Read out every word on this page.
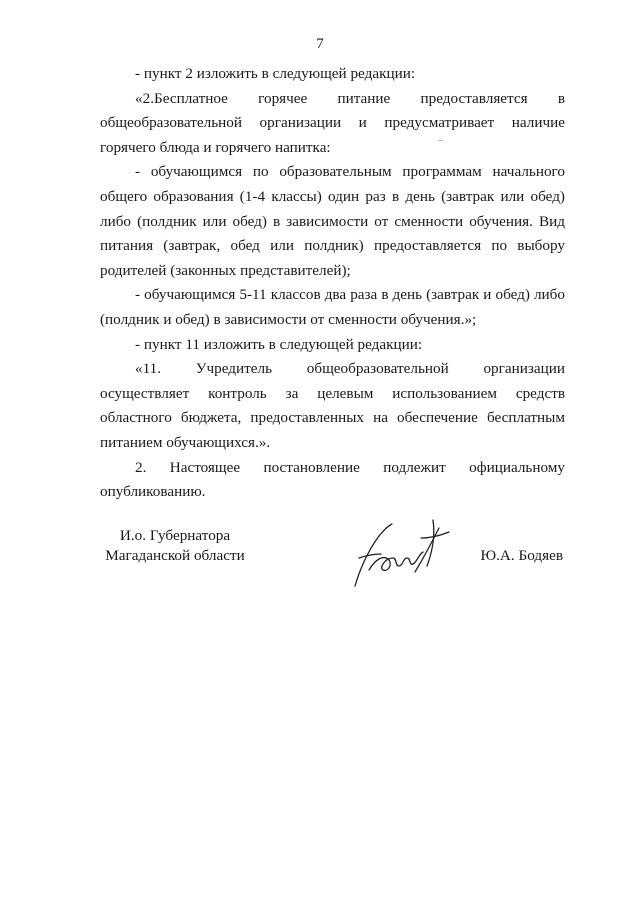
7

- пункт 2 изложить в следующей редакции:

«2.Бесплатное горячее питание предоставляется в общеобразовательной организации и предусматривает наличие горячего блюда и горячего напитка:

- обучающимся по образовательным программам начального общего образования (1-4 классы) один раз в день (завтрак или обед) либо (полдник или обед) в зависимости от сменности обучения. Вид питания (завтрак, обед или полдник) предоставляется по выбору родителей (законных представителей);

- обучающимся 5-11 классов два раза в день (завтрак и обед) либо (полдник и обед) в зависимости от сменности обучения.»;

- пункт 11 изложить в следующей редакции:

«11. Учредитель общеобразовательной организации осуществляет контроль за целевым использованием средств областного бюджета, предоставленных на обеспечение бесплатным питанием обучающихся.».

2. Настоящее постановление подлежит официальному опубликованию.

И.о. Губернатора
Магаданской области	Ю.А. Бодяев
